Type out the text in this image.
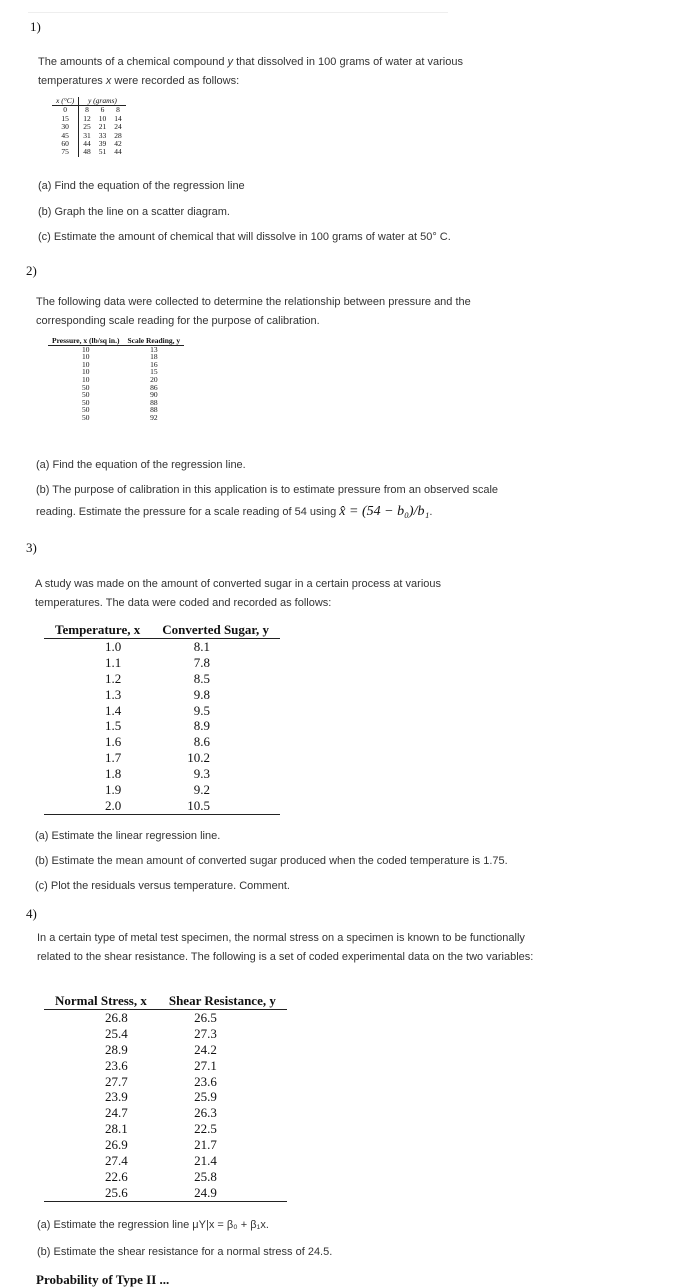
1)
The amounts of a chemical compound y that dissolved in 100 grams of water at various temperatures x were recorded as follows:
x (°C)	y (grams)		
0	8	6	8
15	12	10	14
30	25	21	24
45	31	33	28
60	44	39	42
75	48	51	44
(a) Find the equation of the regression line
(b) Graph the line on a scatter diagram.
(c) Estimate the amount of chemical that will dissolve in 100 grams of water at 50° C.
2)
The following data were collected to determine the relationship between pressure and the corresponding scale reading for the purpose of calibration.
Pressure, x (lb/sq in.)	Scale Reading, y
10	13
10	18
10	16
10	15
10	20
50	86
50	90
50	88
50	88
50	92
(a) Find the equation of the regression line.
(b) The purpose of calibration in this application is to estimate pressure from an observed scale
reading. Estimate the pressure for a scale reading of 54 using x̂ = (54 − b₀)/b₁.
3)
A study was made on the amount of converted sugar in a certain process at various temperatures. The data were coded and recorded as follows:
Temperature, x	Converted Sugar, y
1.0	8.1
1.1	7.8
1.2	8.5
1.3	9.8
1.4	9.5
1.5	8.9
1.6	8.6
1.7	10.2
1.8	9.3
1.9	9.2
2.0	10.5
(a) Estimate the linear regression line.
(b) Estimate the mean amount of converted sugar produced when the coded temperature is 1.75.
(c) Plot the residuals versus temperature. Comment.
4)
In a certain type of metal test specimen, the normal stress on a specimen is known to be functionally related to the shear resistance. The following is a set of coded experimental data on the two variables:
Normal Stress, x	Shear Resistance, y
26.8	26.5
25.4	27.3
28.9	24.2
23.6	27.1
27.7	23.6
23.9	25.9
24.7	26.3
28.1	22.5
26.9	21.7
27.4	21.4
22.6	25.8
25.6	24.9
(a) Estimate the regression line μY|x = β₀ + β₁x.
(b) Estimate the shear resistance for a normal stress of 24.5.
Probability of Type II ...
